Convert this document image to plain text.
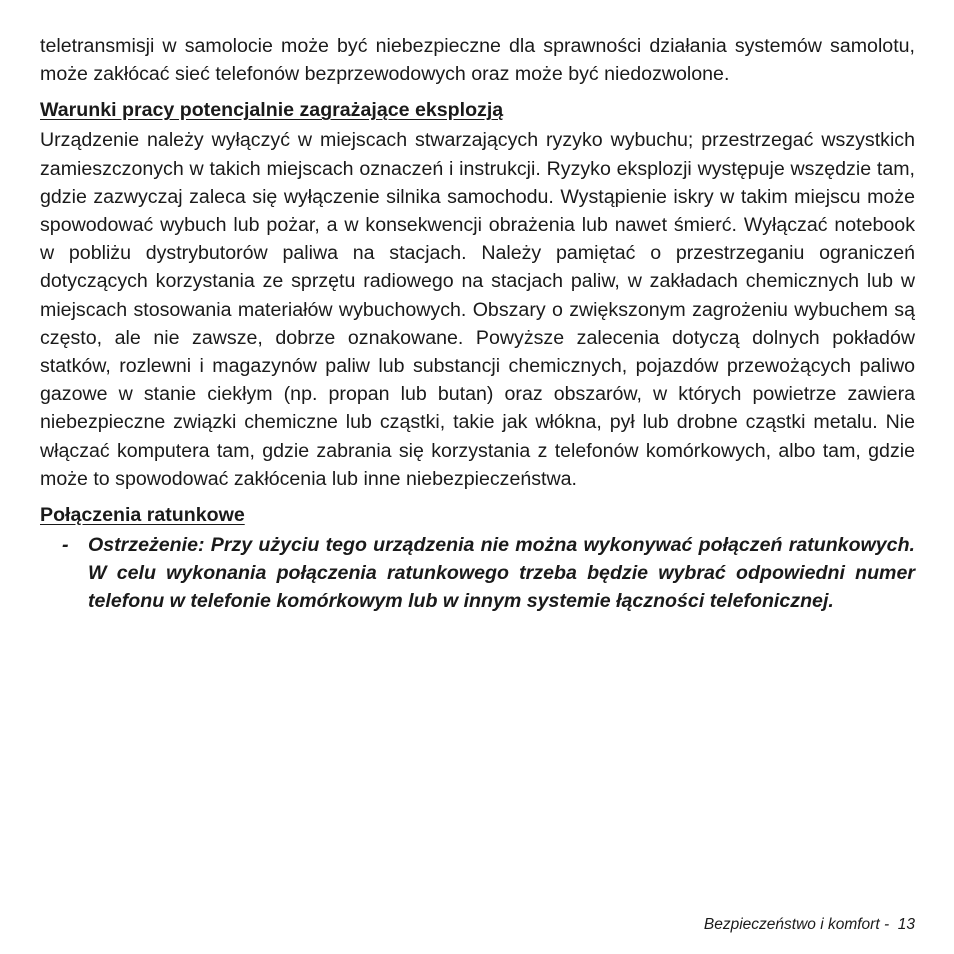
teletransmisji w samolocie może być niebezpieczne dla sprawności działania systemów samolotu, może zakłócać sieć telefonów bezprzewodowych oraz może być niedozwolone.

Warunki pracy potencjalnie zagrażające eksplozją

Urządzenie należy wyłączyć w miejscach stwarzających ryzyko wybuchu; przestrzegać wszystkich zamieszczonych w takich miejscach oznaczeń i instrukcji. Ryzyko eksplozji występuje wszędzie tam, gdzie zazwyczaj zaleca się wyłączenie silnika samochodu. Wystąpienie iskry w takim miejscu może spowodować wybuch lub pożar, a w konsekwencji obrażenia lub nawet śmierć. Wyłączać notebook w pobliżu dystrybutorów paliwa na stacjach. Należy pamiętać o przestrzeganiu ograniczeń dotyczących korzystania ze sprzętu radiowego na stacjach paliw, w zakładach chemicznych lub w miejscach stosowania materiałów wybuchowych. Obszary o zwiększonym zagrożeniu wybuchem są często, ale nie zawsze, dobrze oznakowane. Powyższe zalecenia dotyczą dolnych pokładów statków, rozlewni i magazynów paliw lub substancji chemicznych, pojazdów przewożących paliwo gazowe w stanie ciekłym (np. propan lub butan) oraz obszarów, w których powietrze zawiera niebezpieczne związki chemiczne lub cząstki, takie jak włókna, pył lub drobne cząstki metalu. Nie włączać komputera tam, gdzie zabrania się korzystania z telefonów komórkowych, albo tam, gdzie może to spowodować zakłócenia lub inne niebezpieczeństwa.

Połączenia ratunkowe
- Ostrzeżenie: Przy użyciu tego urządzenia nie można wykonywać połączeń ratunkowych. W celu wykonania połączenia ratunkowego trzeba będzie wybrać odpowiedni numer telefonu w telefonie komórkowym lub w innym systemie łączności telefonicznej.
Bezpieczeństwo i komfort - 13
